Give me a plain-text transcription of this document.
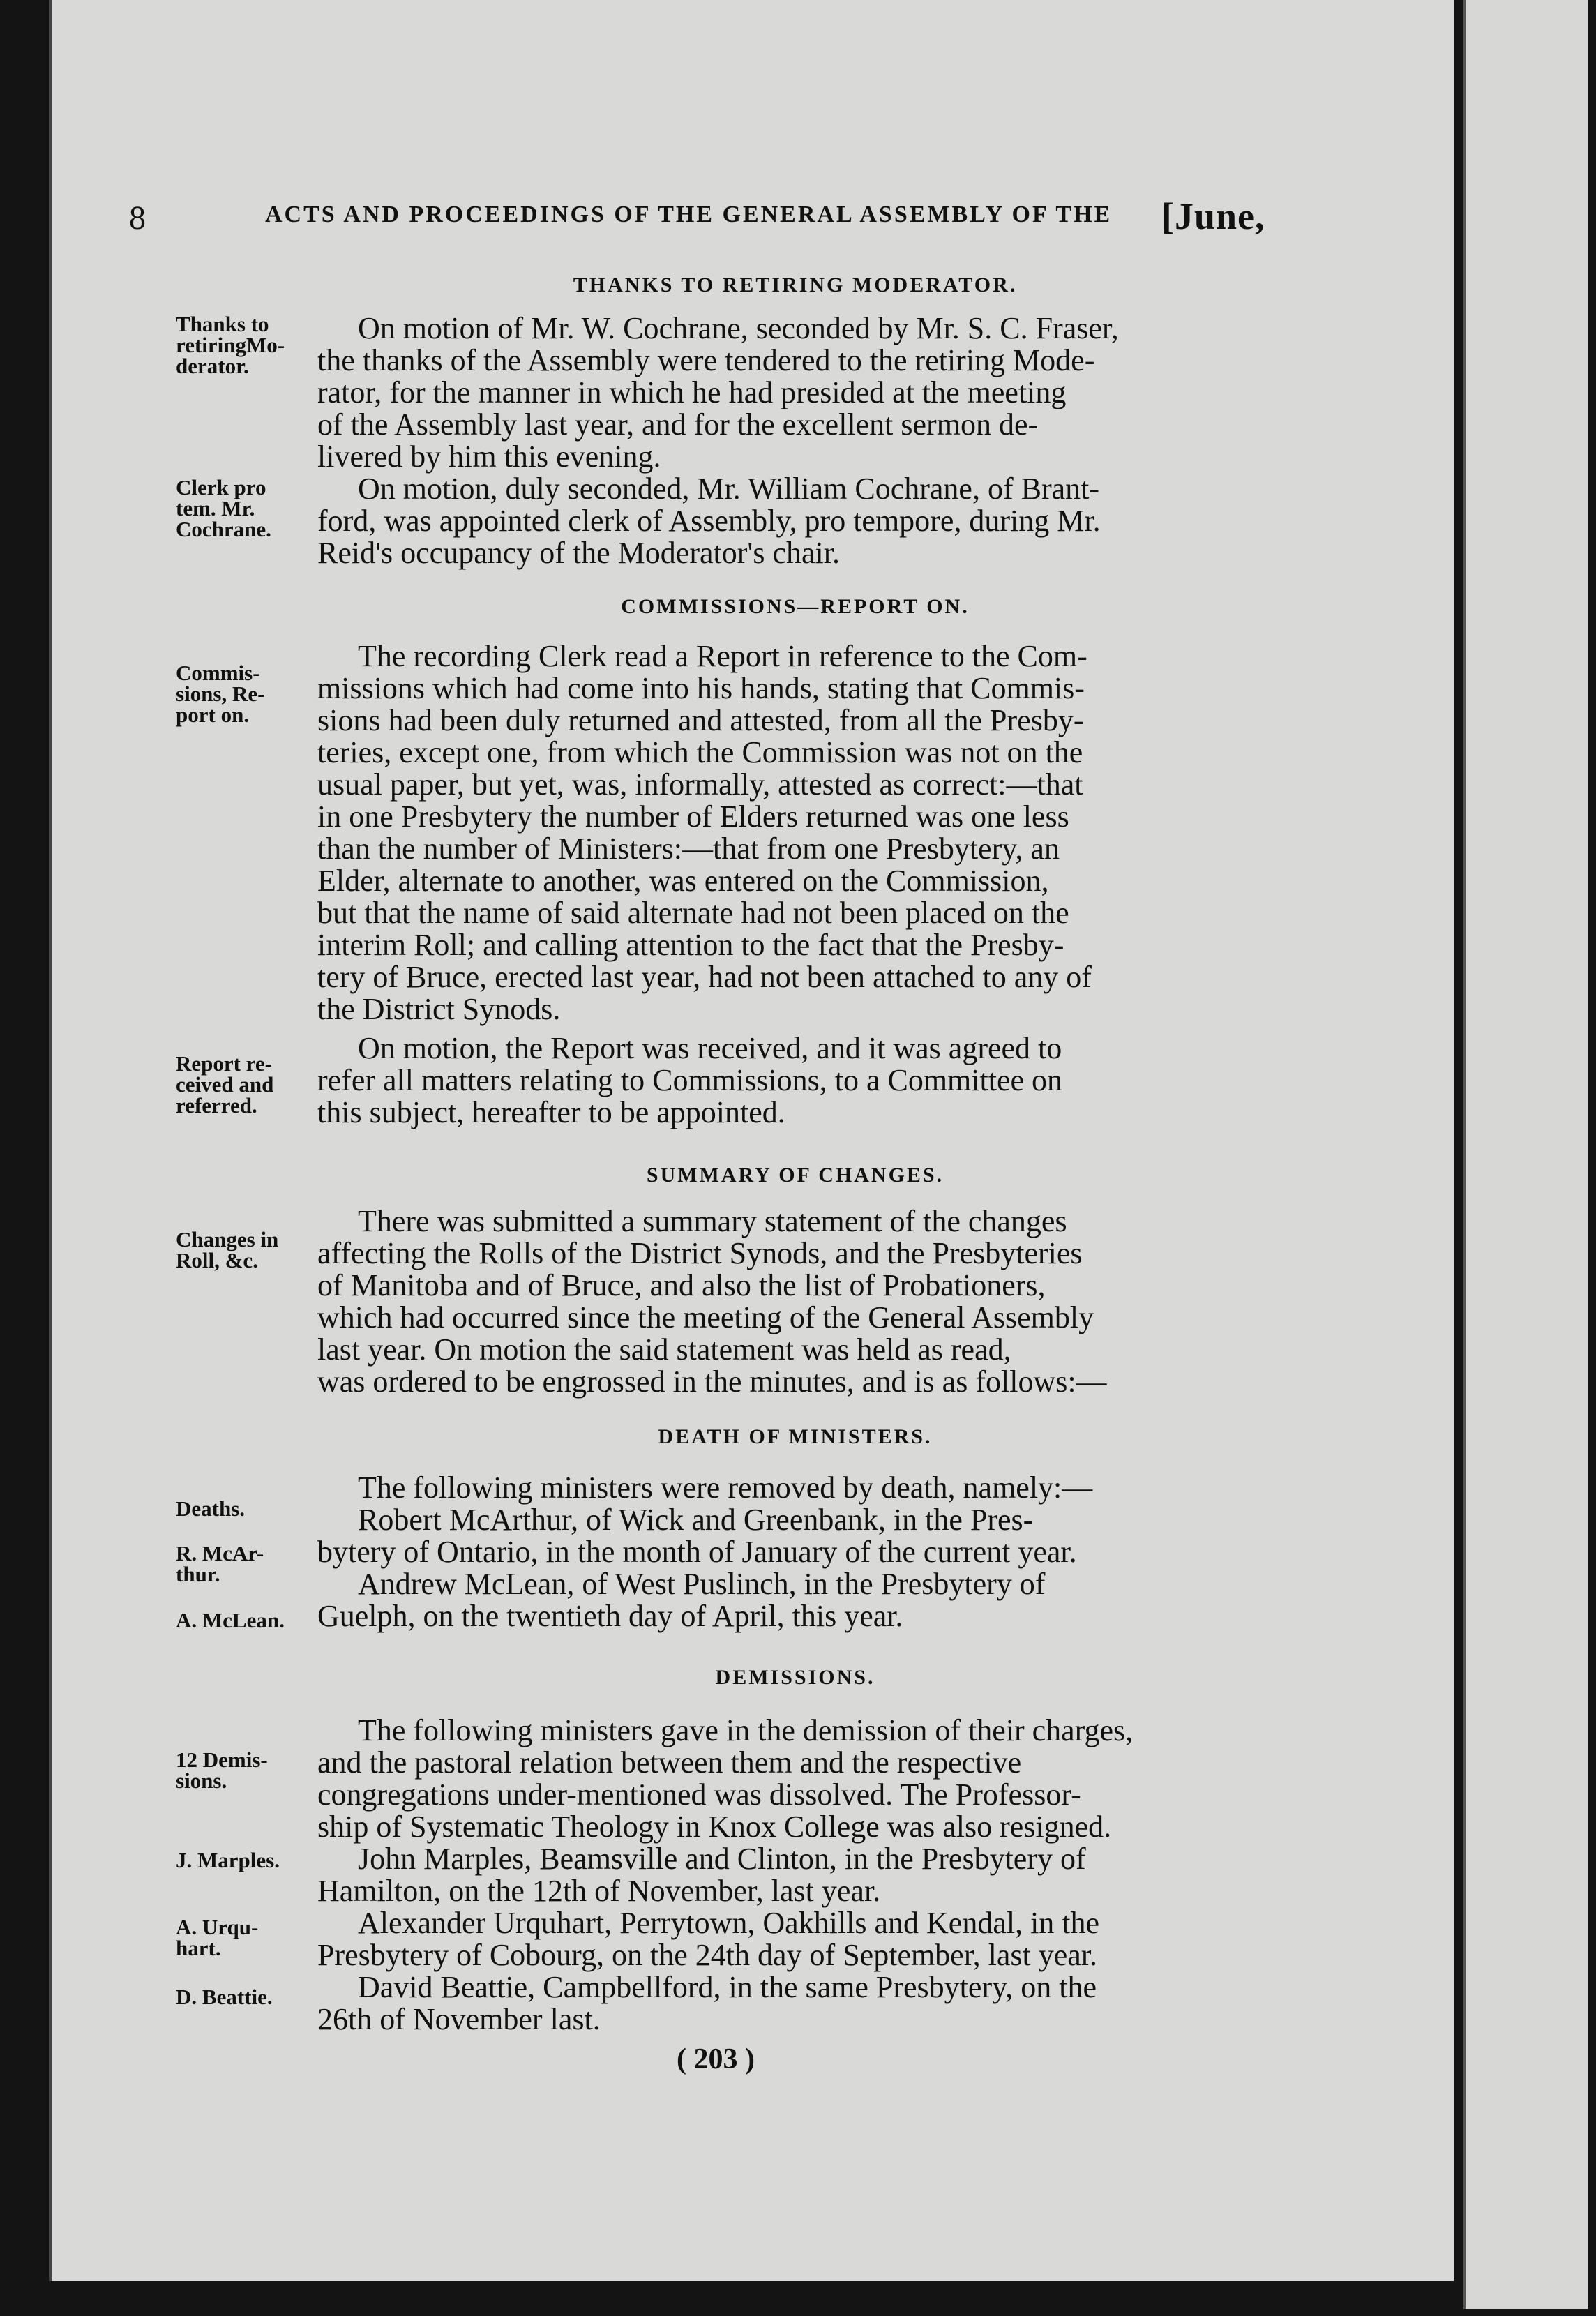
8	ACTS AND PROCEEDINGS OF THE GENERAL ASSEMBLY OF THE [June,
THANKS TO RETIRING MODERATOR.
On motion of Mr. W. Cochrane, seconded by Mr. S. C. Fraser,
the thanks of the Assembly were tendered to the retiring Mode-
rator, for the manner in which he had presided at the meeting
of the Assembly last year, and for the excellent sermon de-
livered by him this evening.
On motion, duly seconded, Mr. William Cochrane, of Brant-
ford, was appointed clerk of Assembly, pro tempore, during Mr.
Reid's occupancy of the Moderator's chair.
Thanks to
retiringMo-
derator.
Clerk pro
tem. Mr.
Cochrane.
COMMISSIONS—REPORT ON.
The recording Clerk read a Report in reference to the Com-
missions which had come into his hands, stating that Commis-
sions had been duly returned and attested, from all the Presby-
teries, except one, from which the Commission was not on the
usual paper, but yet, was, informally, attested as correct:—that
in one Presbytery the number of Elders returned was one less
than the number of Ministers:—that from one Presbytery, an
Elder, alternate to another, was entered on the Commission,
but that the name of said alternate had not been placed on the
interim Roll; and calling attention to the fact that the Presby-
tery of Bruce, erected last year, had not been attached to any of
the District Synods.
On motion, the Report was received, and it was agreed to
refer all matters relating to Commissions, to a Committee on
this subject, hereafter to be appointed.
Commis-
sions, Re-
port on.
Report re-
ceived and
referred.
SUMMARY OF CHANGES.
There was submitted a summary statement of the changes
affecting the Rolls of the District Synods, and the Presbyteries
of Manitoba and of Bruce, and also the list of Probationers,
which had occurred since the meeting of the General Assembly
last year. On motion the said statement was held as read,
was ordered to be engrossed in the minutes, and is as follows:—
Changes in
Roll, &c.
DEATH OF MINISTERS.
The following ministers were removed by death, namely:—
Robert McArthur, of Wick and Greenbank, in the Pres-
bytery of Ontario, in the month of January of the current year.
Andrew McLean, of West Puslinch, in the Presbytery of
Guelph, on the twentieth day of April, this year.
Deaths.
R. McAr-
thur.
A. McLean.
DEMISSIONS.
The following ministers gave in the demission of their charges,
and the pastoral relation between them and the respective
congregations under-mentioned was dissolved. The Professor-
ship of Systematic Theology in Knox College was also resigned.
John Marples, Beamsville and Clinton, in the Presbytery of
Hamilton, on the 12th of November, last year.
Alexander Urquhart, Perrytown, Oakhills and Kendal, in the
Presbytery of Cobourg, on the 24th day of September, last year.
David Beattie, Campbellford, in the same Presbytery, on the
26th of November last.
12 Demis-
sions.
J. Marples.
A. Urqu-
hart.
D. Beattie.
( 203 )
